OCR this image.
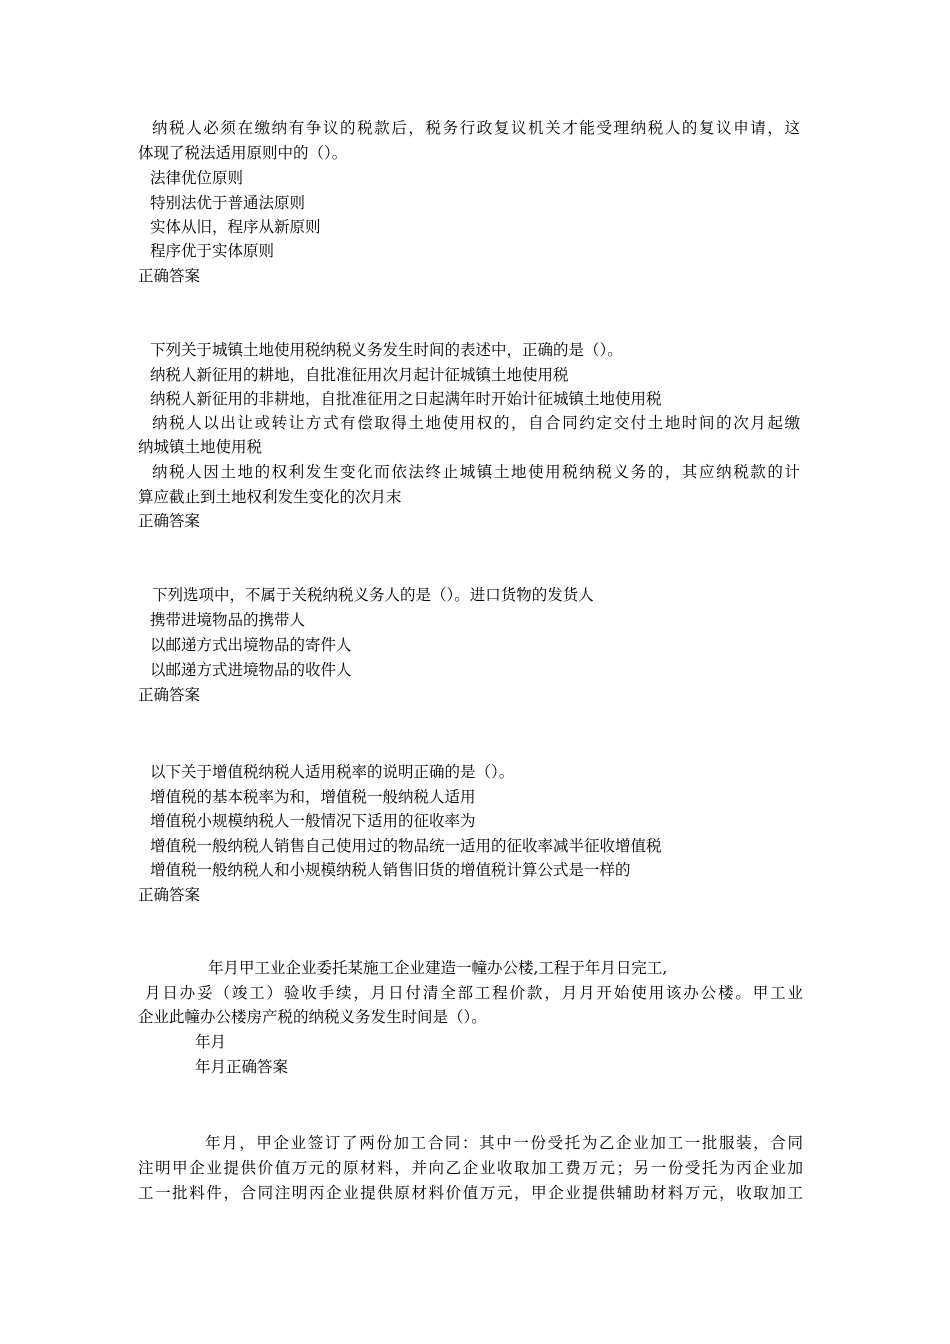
纳税人必须在缴纳有争议的税款后，税务行政复议机关才能受理纳税人的复议申请，这
体现了税法适用原则中的（）。
法律优位原则
特别法优于普通法原则
实体从旧，程序从新原则
程序优于实体原则
正确答案
下列关于城镇土地使用税纳税义务发生时间的表述中，正确的是（）。
纳税人新征用的耕地，自批准征用次月起计征城镇土地使用税
纳税人新征用的非耕地，自批准征用之日起满年时开始计征城镇土地使用税
纳税人以出让或转让方式有偿取得土地使用权的，自合同约定交付土地时间的次月起缴
纳城镇土地使用税
纳税人因土地的权利发生变化而依法终止城镇土地使用税纳税义务的，其应纳税款的计
算应截止到土地权利发生变化的次月末
正确答案
下列选项中，不属于关税纳税义务人的是（）。进口货物的发货人
携带进境物品的携带人
以邮递方式出境物品的寄件人
以邮递方式进境物品的收件人
正确答案
以下关于增值税纳税人适用税率的说明正确的是（）。
增值税的基本税率为和，增值税一般纳税人适用
增值税小规模纳税人一般情况下适用的征收率为
增值税一般纳税人销售自己使用过的物品统一适用的征收率减半征收增值税
增值税一般纳税人和小规模纳税人销售旧货的增值税计算公式是一样的
正确答案
年月甲工业企业委托某施工企业建造一幢办公楼,工程于年月日完工,
月日办妥（竣工）验收手续，月日付清全部工程价款，月月开始使用该办公楼。甲工业
企业此幢办公楼房产税的纳税义务发生时间是（）。
年月
年月正确答案
年月，甲企业签订了两份加工合同：其中一份受托为乙企业加工一批服装，合同
注明甲企业提供价值万元的原材料，并向乙企业收取加工费万元；另一份受托为丙企业加
工一批料件，合同注明丙企业提供原材料价值万元，甲企业提供辅助材料万元，收取加工
